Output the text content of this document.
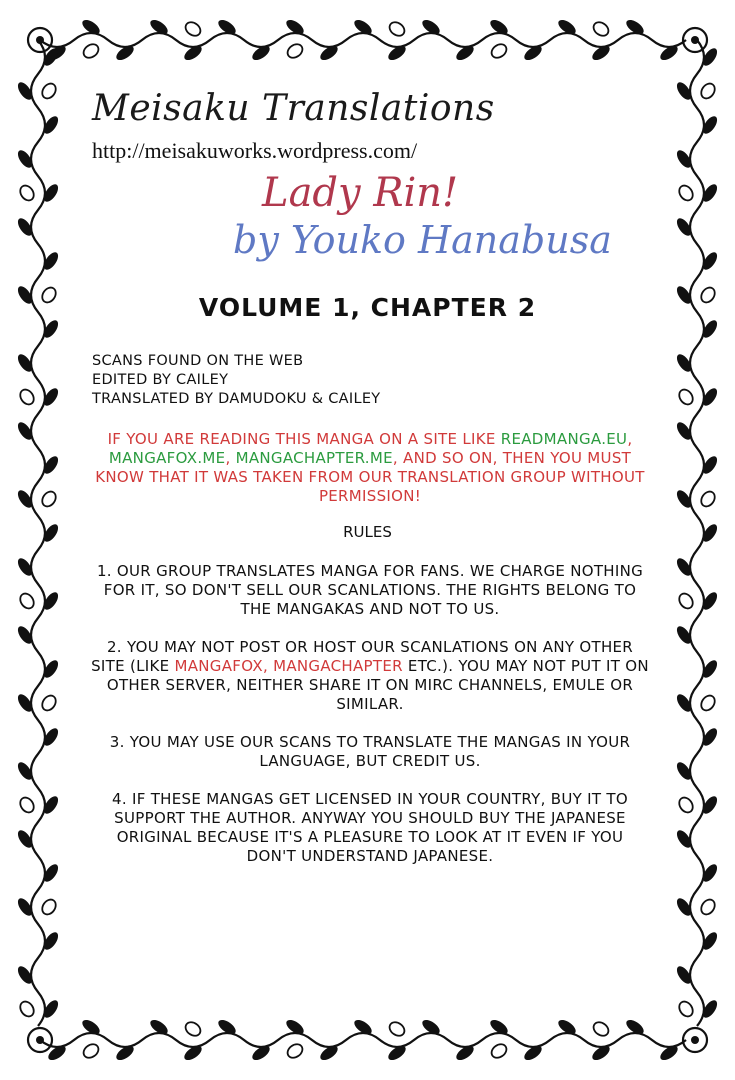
Meisaku Translations
http://meisakuworks.wordpress.com/
Lady Rin!
by Youko Hanabusa
VOLUME 1, CHAPTER 2
SCANS FOUND ON THE WEB
EDITED BY CAILEY
TRANSLATED BY DAMUDOKU & CAILEY
IF YOU ARE READING THIS MANGA ON A SITE LIKE READMANGA.EU, MANGAFOX.ME, MANGACHAPTER.ME, AND SO ON, THEN YOU MUST KNOW THAT IT WAS TAKEN FROM OUR TRANSLATION GROUP WITHOUT PERMISSION!
RULES
1. OUR GROUP TRANSLATES MANGA FOR FANS. WE CHARGE NOTHING FOR IT, SO DON'T SELL OUR SCANLATIONS. THE RIGHTS BELONG TO THE MANGAKAS AND NOT TO US.
2. YOU MAY NOT POST OR HOST OUR SCANLATIONS ON ANY OTHER SITE (LIKE MANGAFOX, MANGACHAPTER ETC.). YOU MAY NOT PUT IT ON OTHER SERVER, NEITHER SHARE IT ON MIRC CHANNELS, EMULE OR SIMILAR.
3. YOU MAY USE OUR SCANS TO TRANSLATE THE MANGAS IN YOUR LANGUAGE, BUT CREDIT US.
4. IF THESE MANGAS GET LICENSED IN YOUR COUNTRY, BUY IT TO SUPPORT THE AUTHOR. ANYWAY YOU SHOULD BUY THE JAPANESE ORIGINAL BECAUSE IT'S A PLEASURE TO LOOK AT IT EVEN IF YOU DON'T UNDERSTAND JAPANESE.
